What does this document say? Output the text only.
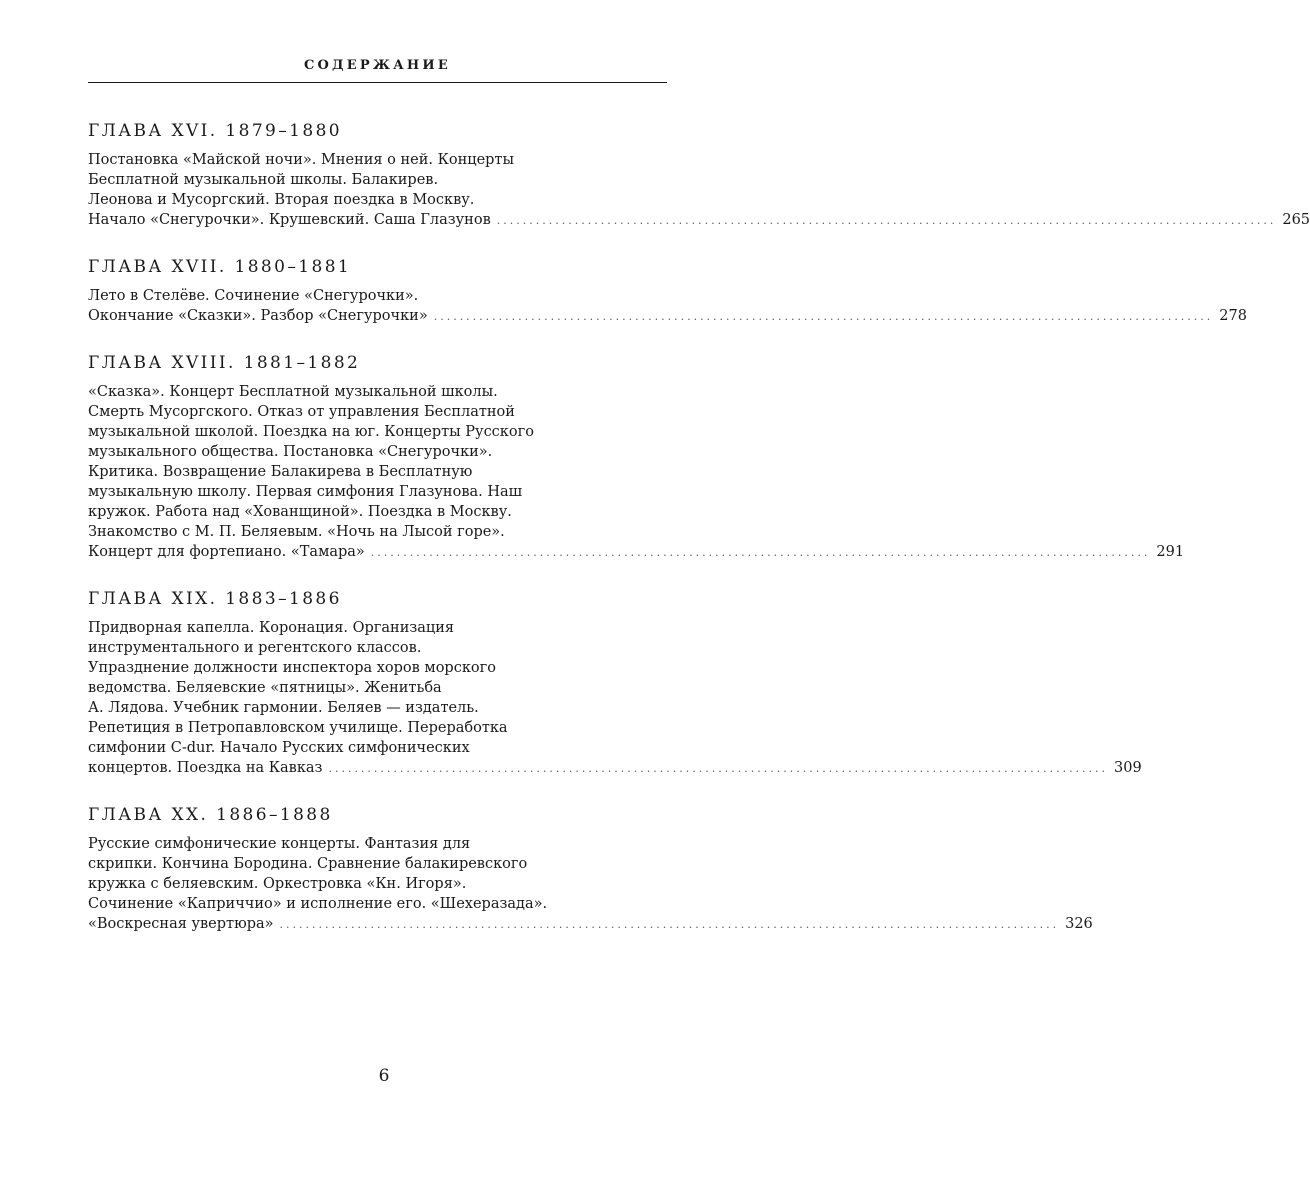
СОДЕРЖАНИЕ
ГЛАВА XVI. 1879–1880
Постановка «Майской ночи». Мнения о ней. Концерты
Бесплатной музыкальной школы. Балакирев.
Леонова и Мусоргский. Вторая поездка в Москву.
Начало «Снегурочки». Крушевский. Саша Глазунов ........................................................................................................................ 265
ГЛАВА XVII. 1880–1881
Лето в Стелёве. Сочинение «Снегурочки».
Окончание «Сказки». Разбор «Снегурочки» ........................................................................................................................ 278
ГЛАВА XVIII. 1881–1882
«Сказка». Концерт Бесплатной музыкальной школы.
Смерть Мусоргского. Отказ от управления Бесплатной
музыкальной школой. Поездка на юг. Концерты Русского
музыкального общества. Постановка «Снегурочки».
Критика. Возвращение Балакирева в Бесплатную
музыкальную школу. Первая симфония Глазунова. Наш
кружок. Работа над «Хованщиной». Поездка в Москву.
Знакомство с М. П. Беляевым. «Ночь на Лысой горе».
Концерт для фортепиано. «Тамара» ........................................................................................................................ 291
ГЛАВА XIX. 1883–1886
Придворная капелла. Коронация. Организация
инструментального и регентского классов.
Упразднение должности инспектора хоров морского
ведомства. Беляевские «пятницы». Женитьба
А. Лядова. Учебник гармонии. Беляев — издатель.
Репетиция в Петропавловском училище. Переработка
симфонии C-dur. Начало Русских симфонических
концертов. Поездка на Кавказ ........................................................................................................................ 309
ГЛАВА XX. 1886–1888
Русские симфонические концерты. Фантазия для
скрипки. Кончина Бородина. Сравнение балакиревского
кружка с беляевским. Оркестровка «Кн. Игоря».
Сочинение «Каприччио» и исполнение его. «Шехеразада».
«Воскресная увертюра» ........................................................................................................................ 326
6
